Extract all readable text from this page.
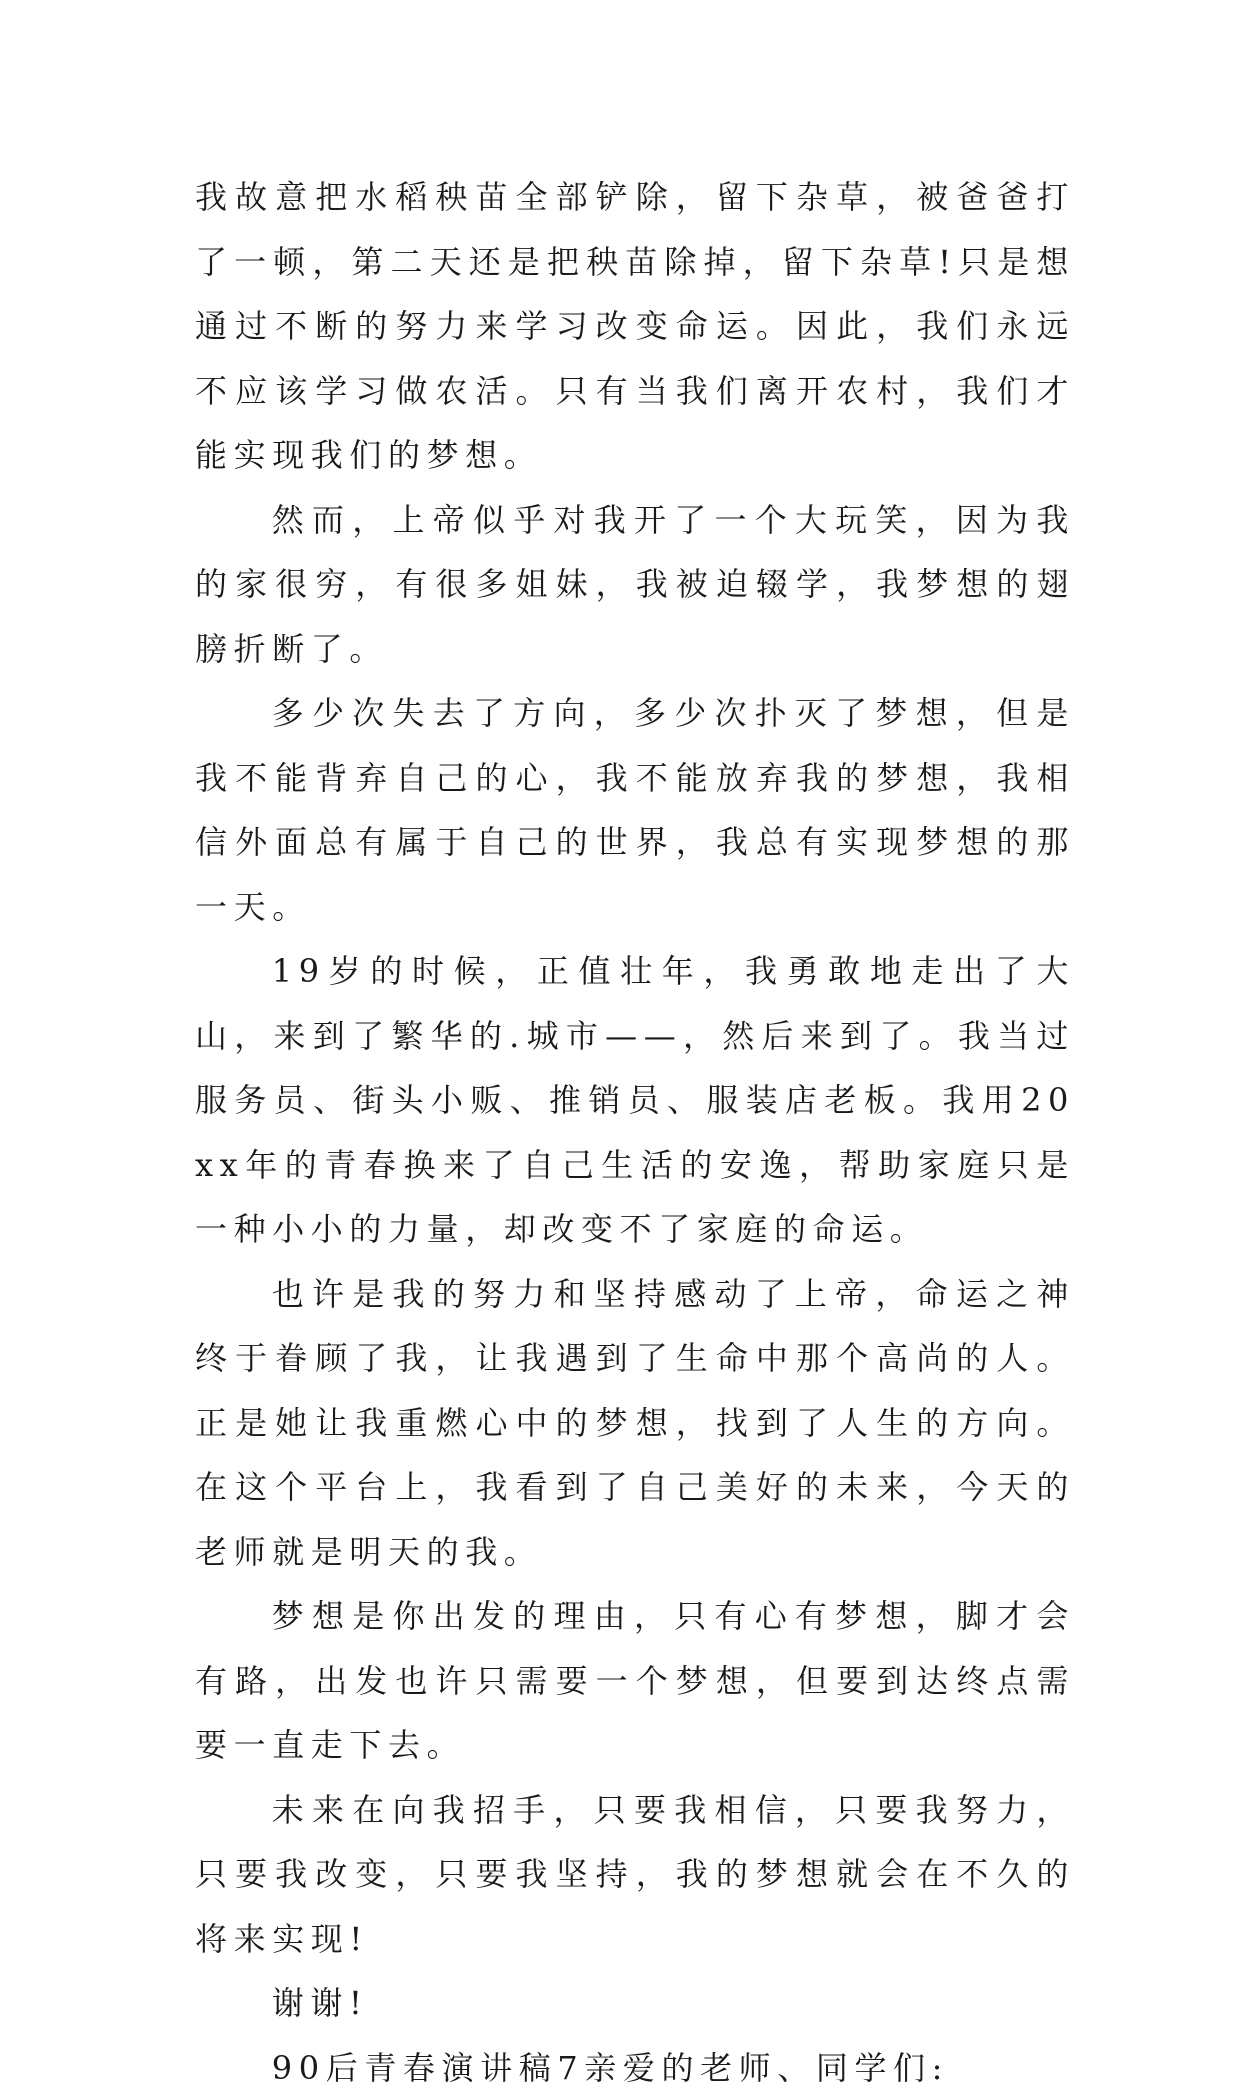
我故意把水稻秧苗全部铲除，留下杂草，被爸爸打了一顿，第二天还是把秧苗除掉，留下杂草!只是想通过不断的努力来学习改变命运。因此，我们永远不应该学习做农活。只有当我们离开农村，我们才能实现我们的梦想。

然而，上帝似乎对我开了一个大玩笑，因为我的家很穷，有很多姐妹，我被迫辍学，我梦想的翅膀折断了。

多少次失去了方向，多少次扑灭了梦想，但是我不能背弃自己的心，我不能放弃我的梦想，我相信外面总有属于自己的世界，我总有实现梦想的那一天。

19岁的时候，正值壮年，我勇敢地走出了大山，来到了繁华的.城市——，然后来到了。我当过服务员、街头小贩、推销员、服装店老板。我用20xx年的青春换来了自己生活的安逸，帮助家庭只是一种小小的力量，却改变不了家庭的命运。

也许是我的努力和坚持感动了上帝，命运之神终于眷顾了我，让我遇到了生命中那个高尚的人。正是她让我重燃心中的梦想，找到了人生的方向。在这个平台上，我看到了自己美好的未来，今天的老师就是明天的我。

梦想是你出发的理由，只有心有梦想，脚才会有路，出发也许只需要一个梦想，但要到达终点需要一直走下去。

未来在向我招手，只要我相信，只要我努力，只要我改变，只要我坚持，我的梦想就会在不久的将来实现!

谢谢!

90后青春演讲稿7亲爱的老师、同学们:
